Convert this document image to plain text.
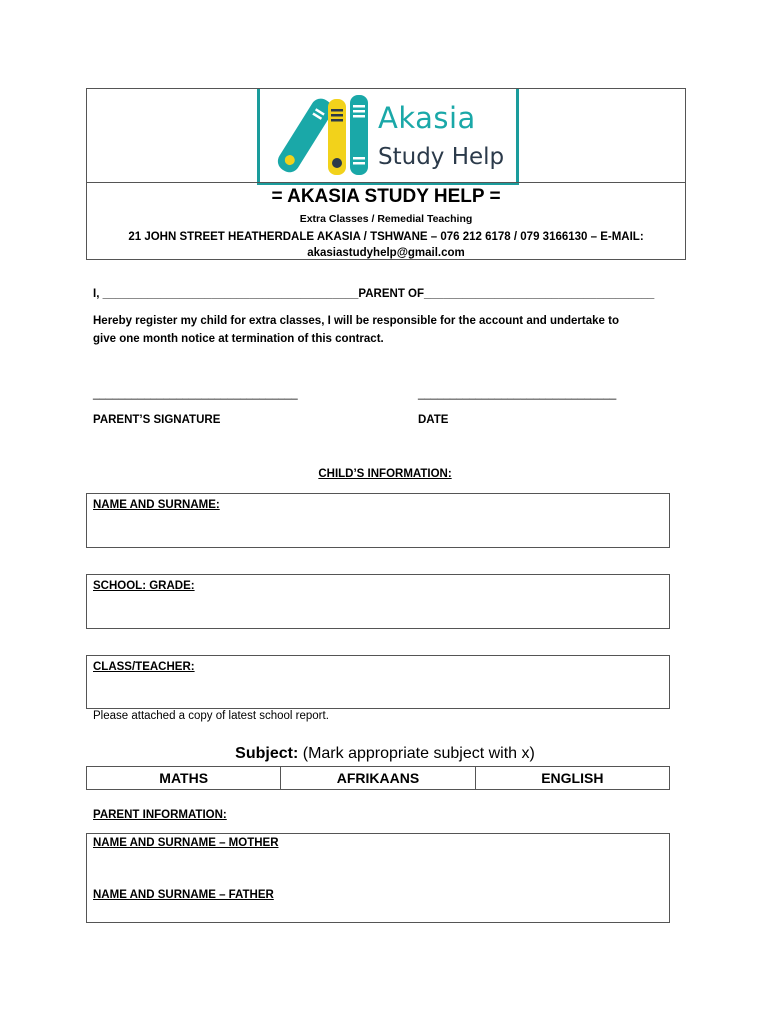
Akasia
Study Help
= AKASIA STUDY HELP =
Extra Classes / Remedial Teaching
21 JOHN STREET HEATHERDALE AKASIA / TSHWANE – 076 212 6178 / 079 3166130 – E-MAIL:
akasiastudyhelp@gmail.com
I, ________________________________________PARENT OF____________________________________
Hereby register my child for extra classes, I will be responsible for the account and undertake to
give one month notice at termination of this contract.
________________________________	_______________________________
PARENT’S SIGNATURE	DATE
CHILD’S INFORMATION:
NAME AND SURNAME:
SCHOOL: GRADE:
CLASS/TEACHER:
Please attached a copy of latest school report.
Subject: (Mark appropriate subject with x)
MATHS	AFRIKAANS	ENGLISH
PARENT INFORMATION:
NAME AND SURNAME – MOTHER
NAME AND SURNAME – FATHER
